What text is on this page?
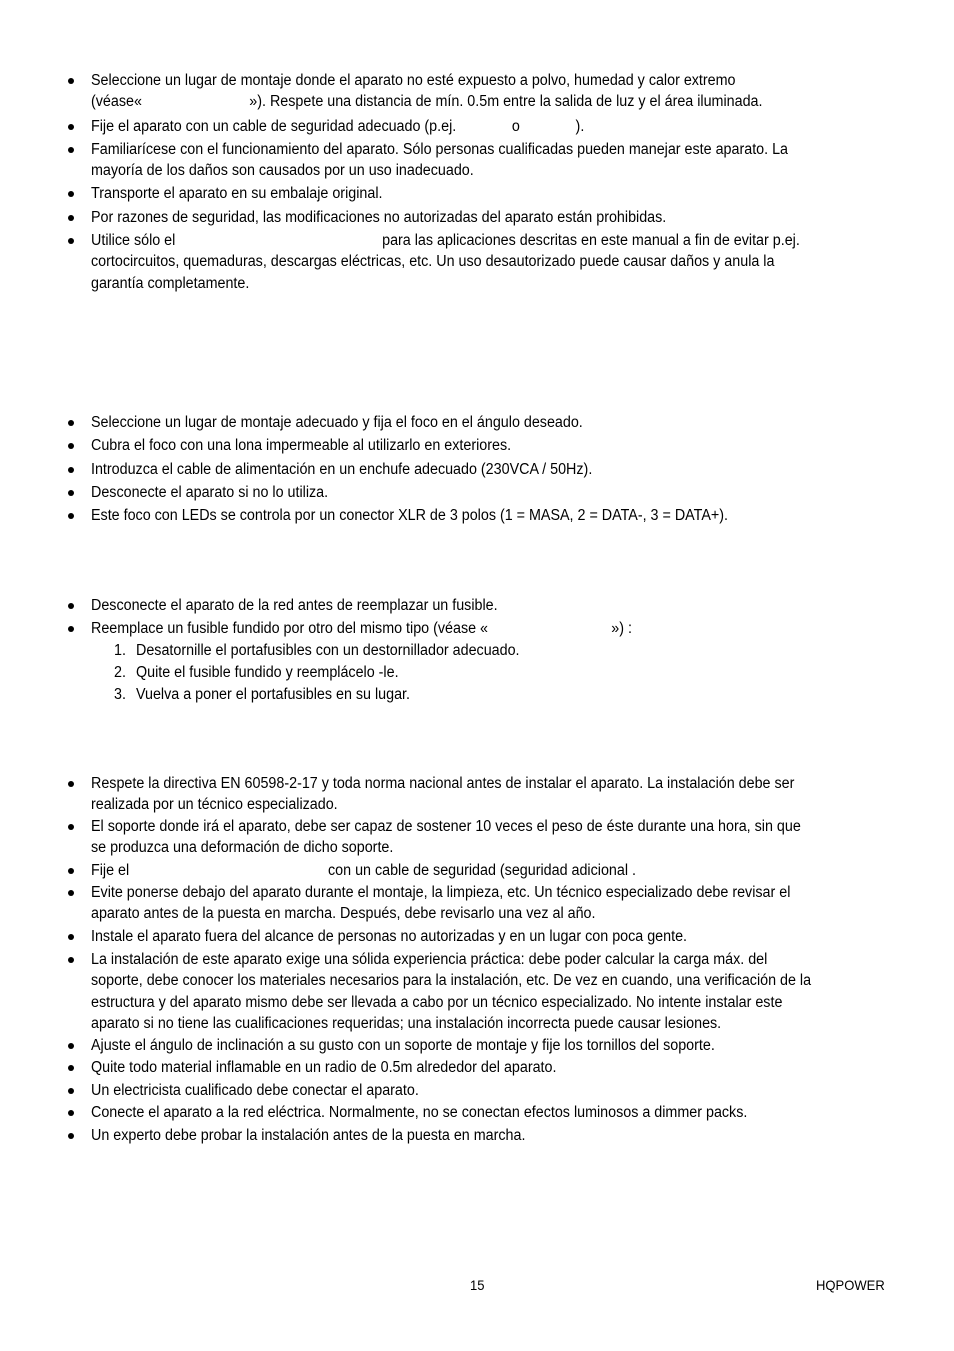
Seleccione un lugar de montaje donde el aparato no esté expuesto a polvo, humedad y calor extremo
(véase«                           »). Respete una distancia de mín. 0.5m entre la salida de luz y el área iluminada.
Fije el aparato con un cable de seguridad adecuado (p.ej.              o              ).
Familiarícese con el funcionamiento del aparato. Sólo personas cualificadas pueden manejar este aparato. La
mayoría de los daños son causados por un uso inadecuado.
Transporte el aparato en su embalaje original.
Por razones de seguridad, las modificaciones no autorizadas del aparato están prohibidas.
Utilice sólo el                                                    para las aplicaciones descritas en este manual a fin de evitar p.ej.
cortocircuitos, quemaduras, descargas eléctricas, etc. Un uso desautorizado puede causar daños y anula la
garantía completamente.
Seleccione un lugar de montaje adecuado y fija el foco en el ángulo deseado.
Cubra el foco con una lona impermeable al utilizarlo en exteriores.
Introduzca el cable de alimentación en un enchufe adecuado (230VCA / 50Hz).
Desconecte el aparato si no lo utiliza.
Este foco con LEDs se controla por un conector XLR de 3 polos (1 = MASA, 2 = DATA-, 3 = DATA+).
Desconecte el aparato de la red antes de reemplazar un fusible.
Reemplace un fusible fundido por otro del mismo tipo (véase «                               ») :
1. Desatornille el portafusibles con un destornillador adecuado.
2. Quite el fusible fundido y reemplácelo -le.
3. Vuelva a poner el portafusibles en su lugar.
Respete la directiva EN 60598-2-17 y toda norma nacional antes de instalar el aparato. La instalación debe ser
realizada por un técnico especializado.
El soporte donde irá el aparato, debe ser capaz de sostener 10 veces el peso de éste durante una hora, sin que
se produzca una deformación de dicho soporte.
Fije el                                                  con un cable de seguridad (seguridad adicional .
Evite ponerse debajo del aparato durante el montaje, la limpieza, etc. Un técnico especializado debe revisar el
aparato antes de la puesta en marcha. Después, debe revisarlo una vez al año.
Instale el aparato fuera del alcance de personas no autorizadas y en un lugar con poca gente.
La instalación de este aparato exige una sólida experiencia práctica: debe poder calcular la carga máx. del
soporte, debe conocer los materiales necesarios para la instalación, etc. De vez en cuando, una verificación de la
estructura y del aparato mismo debe ser llevada a cabo por un técnico especializado. No intente instalar este
aparato si no tiene las cualificaciones requeridas; una instalación incorrecta puede causar lesiones.
Ajuste el ángulo de inclinación a su gusto con un soporte de montaje y fije los tornillos del soporte.
Quite todo material inflamable en un radio de 0.5m alrededor del aparato.
Un electricista cualificado debe conectar el aparato.
Conecte el aparato a la red eléctrica. Normalmente, no se conectan efectos luminosos a dimmer packs.
Un experto debe probar la instalación antes de la puesta en marcha.
15	HQPOWER
